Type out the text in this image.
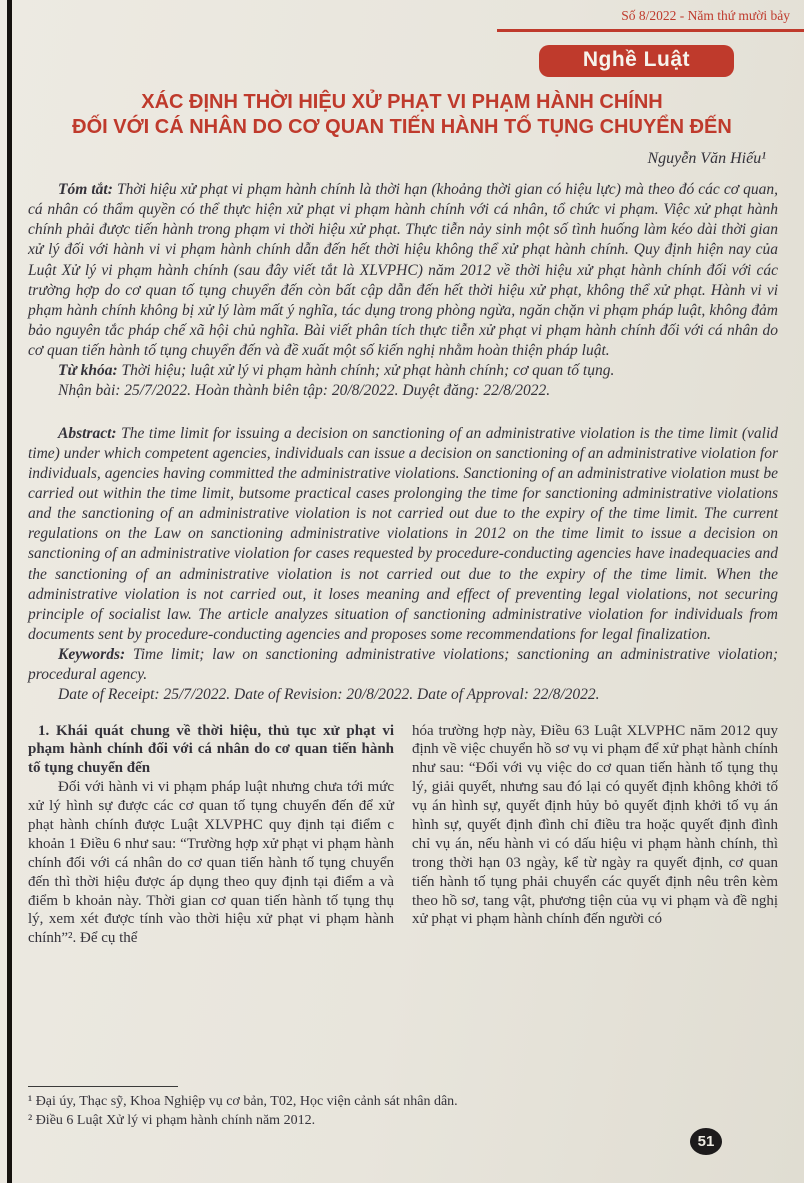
Số 8/2022 - Năm thứ mười bảy
Nghề Luật
XÁC ĐỊNH THỜI HIỆU XỬ PHẠT VI PHẠM HÀNH CHÍNH
ĐỐI VỚI CÁ NHÂN DO CƠ QUAN TIẾN HÀNH TỐ TỤNG CHUYỂN ĐẾN
Nguyễn Văn Hiếu¹

Tóm tắt: Thời hiệu xử phạt vi phạm hành chính là thời hạn (khoảng thời gian có hiệu lực) mà theo đó các cơ quan, cá nhân có thẩm quyền có thể thực hiện xử phạt vi phạm hành chính với cá nhân, tổ chức vi phạm. Việc xử phạt hành chính phải được tiến hành trong phạm vi thời hiệu xử phạt. Thực tiễn nảy sinh một số tình huống làm kéo dài thời gian xử lý đối với hành vi vi phạm hành chính dẫn đến hết thời hiệu không thể xử phạt hành chính. Quy định hiện nay của Luật Xử lý vi phạm hành chính (sau đây viết tắt là XLVPHC) năm 2012 về thời hiệu xử phạt hành chính đối với các trường hợp do cơ quan tố tụng chuyển đến còn bất cập dẫn đến hết thời hiệu xử phạt, không thể xử phạt. Hành vi vi phạm hành chính không bị xử lý làm mất ý nghĩa, tác dụng trong phòng ngừa, ngăn chặn vi phạm pháp luật, không đảm bảo nguyên tắc pháp chế xã hội chủ nghĩa. Bài viết phân tích thực tiễn xử phạt vi phạm hành chính đối với cá nhân do cơ quan tiến hành tố tụng chuyển đến và đề xuất một số kiến nghị nhằm hoàn thiện pháp luật.

Từ khóa: Thời hiệu; luật xử lý vi phạm hành chính; xử phạt hành chính; cơ quan tố tụng.

Nhận bài: 25/7/2022. Hoàn thành biên tập: 20/8/2022. Duyệt đăng: 22/8/2022.

Abstract: The time limit for issuing a decision on sanctioning of an administrative violation is the time limit (valid time) under which competent agencies, individuals can issue a decision on sanctioning of an administrative violation for individuals, agencies having committed the administrative violations. Sanctioning of an administrative violation must be carried out within the time limit, butsome practical cases prolonging the time for sanctioning administrative violations and the sanctioning of an administrative violation is not carried out due to the expiry of the time limit. The current regulations on the Law on sanctioning administrative violations in 2012 on the time limit to issue a decision on sanctioning of an administrative violation for cases requested by procedure-conducting agencies have inadequacies and the sanctioning of an administrative violation is not carried out due to the expiry of the time limit. When the administrative violation is not carried out, it loses meaning and effect of preventing legal violations, not securing principle of socialist law. The article analyzes situation of sanctioning administrative violation for individuals from documents sent by procedure-conducting agencies and proposes some recommendations for legal finalization.

Keywords: Time limit; law on sanctioning administrative violations; sanctioning an administrative violation; procedural agency.

Date of Receipt: 25/7/2022. Date of Revision: 20/8/2022. Date of Approval: 22/8/2022.

1. Khái quát chung về thời hiệu, thủ tục xử phạt vi phạm hành chính đối với cá nhân do cơ quan tiến hành tố tụng chuyển đến

Đối với hành vi vi phạm pháp luật nhưng chưa tới mức xử lý hình sự được các cơ quan tố tụng chuyển đến để xử phạt hành chính được Luật XLVPHC quy định tại điểm c khoản 1 Điều 6 như sau: “Trường hợp xử phạt vi phạm hành chính đối với cá nhân do cơ quan tiến hành tố tụng chuyển đến thì thời hiệu được áp dụng theo quy định tại điểm a và điểm b khoản này. Thời gian cơ quan tiến hành tố tụng thụ lý, xem xét được tính vào thời hiệu xử phạt vi phạm hành chính”². Để cụ thể

hóa trường hợp này, Điều 63 Luật XLVPHC năm 2012 quy định về việc chuyển hồ sơ vụ vi phạm để xử phạt hành chính như sau: “Đối với vụ việc do cơ quan tiến hành tố tụng thụ lý, giải quyết, nhưng sau đó lại có quyết định không khởi tố vụ án hình sự, quyết định hủy bỏ quyết định khởi tố vụ án hình sự, quyết định đình chỉ điều tra hoặc quyết định đình chỉ vụ án, nếu hành vi có dấu hiệu vi phạm hành chính, thì trong thời hạn 03 ngày, kể từ ngày ra quyết định, cơ quan tiến hành tố tụng phải chuyển các quyết định nêu trên kèm theo hồ sơ, tang vật, phương tiện của vụ vi phạm và đề nghị xử phạt vi phạm hành chính đến người có

¹ Đại úy, Thạc sỹ, Khoa Nghiệp vụ cơ bản, T02, Học viện cảnh sát nhân dân.
² Điều 6 Luật Xử lý vi phạm hành chính năm 2012.
51
